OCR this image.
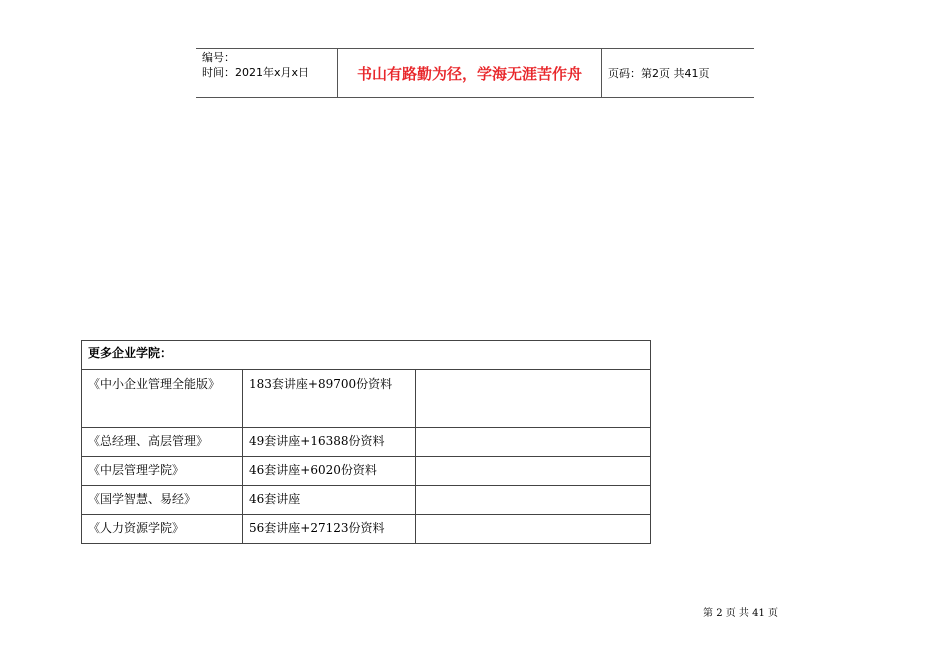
编号：
时间：2021年x月x日	书山有路勤为径，学海无涯苦作舟	页码：第2页 共41页
更多企业学院：		
《中小企业管理全能版》	183套讲座+89700份资料	
《总经理、高层管理》	49套讲座+16388份资料	
《中层管理学院》	46套讲座+6020份资料	
《国学智慧、易经》	46套讲座	
《人力资源学院》	56套讲座+27123份资料	
第 2 页 共 41 页
